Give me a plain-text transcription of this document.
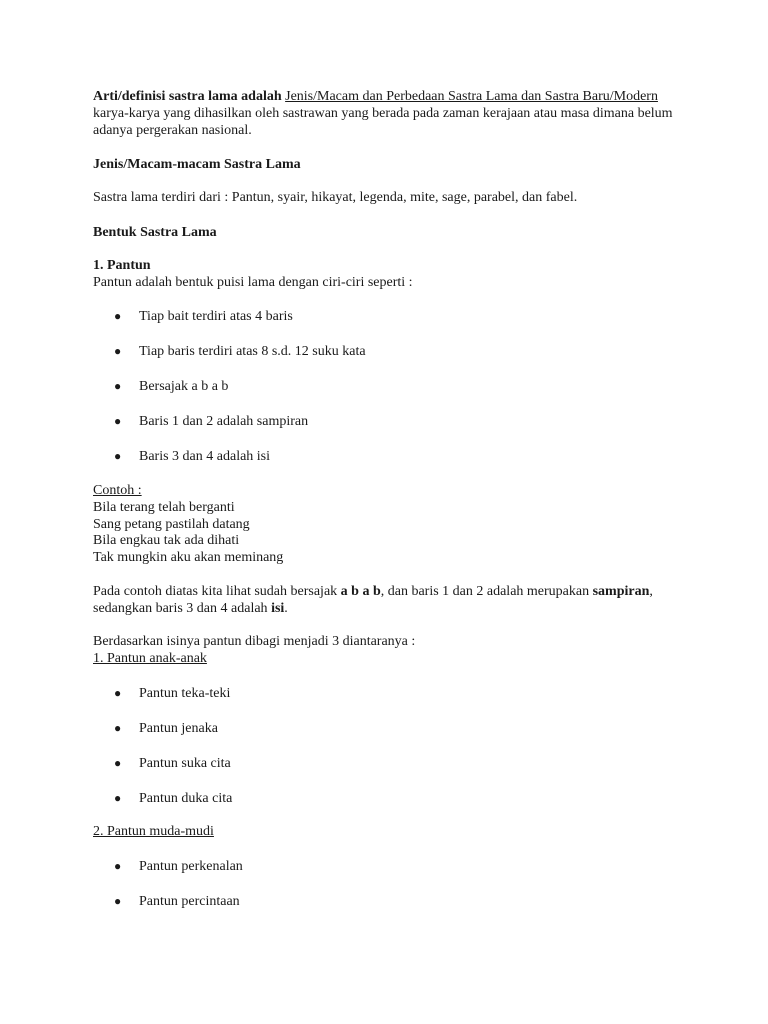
Arti/definisi sastra lama adalah Jenis/Macam dan Perbedaan Sastra Lama dan Sastra Baru/Modern karya-karya yang dihasilkan oleh sastrawan yang berada pada zaman kerajaan atau masa dimana belum adanya pergerakan nasional.
Jenis/Macam-macam Sastra Lama
Sastra lama terdiri dari : Pantun, syair, hikayat, legenda, mite, sage, parabel, dan fabel.
Bentuk Sastra Lama
1. Pantun
Pantun adalah bentuk puisi lama dengan ciri-ciri seperti :
● Tiap bait terdiri atas 4 baris
● Tiap baris terdiri atas 8 s.d. 12 suku kata
● Bersajak a b a b
● Baris 1 dan 2 adalah sampiran
● Baris 3 dan 4 adalah isi
Contoh :
Bila terang telah berganti
Sang petang pastilah datang
Bila engkau tak ada dihati
Tak mungkin aku akan meminang
Pada contoh diatas kita lihat sudah bersajak a b a b, dan baris 1 dan 2 adalah merupakan sampiran, sedangkan baris 3 dan 4 adalah isi.
Berdasarkan isinya pantun dibagi menjadi 3 diantaranya :
1. Pantun anak-anak
● Pantun teka-teki
● Pantun jenaka
● Pantun suka cita
● Pantun duka cita
2. Pantun muda-mudi
● Pantun perkenalan
● Pantun percintaan
